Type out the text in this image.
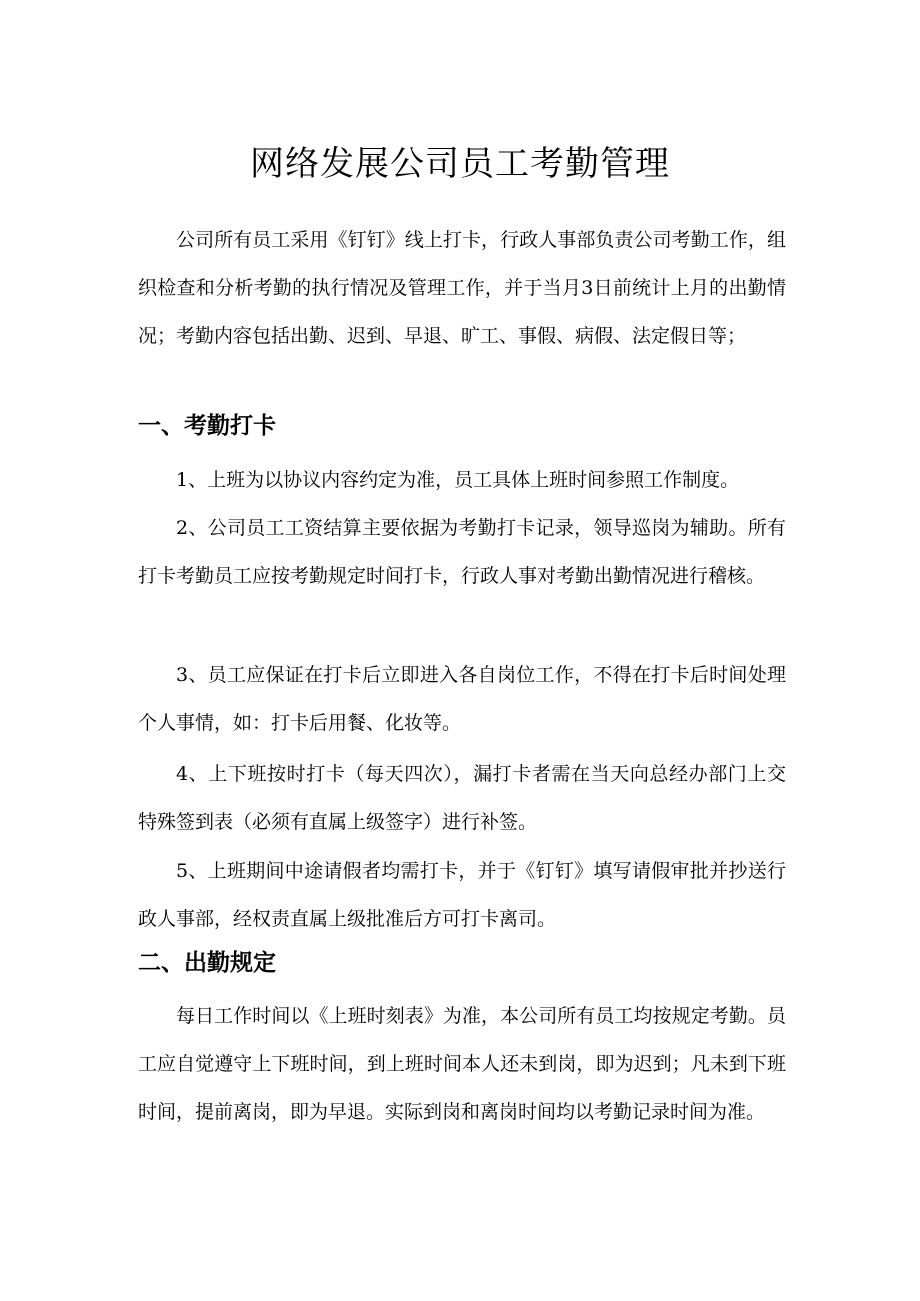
网络发展公司员工考勤管理

公司所有员工采用《钉钉》线上打卡，行政人事部负责公司考勤工作，组织检查和分析考勤的执行情况及管理工作，并于当月3日前统计上月的出勤情况；考勤内容包括出勤、迟到、早退、旷工、事假、病假、法定假日等；

一、考勤打卡

1、上班为以协议内容约定为准，员工具体上班时间参照工作制度。

2、公司员工工资结算主要依据为考勤打卡记录，领导巡岗为辅助。所有打卡考勤员工应按考勤规定时间打卡，行政人事对考勤出勤情况进行稽核。

3、员工应保证在打卡后立即进入各自岗位工作，不得在打卡后时间处理个人事情，如：打卡后用餐、化妆等。

4、上下班按时打卡（每天四次），漏打卡者需在当天向总经办部门上交特殊签到表（必须有直属上级签字）进行补签。

5、上班期间中途请假者均需打卡，并于《钉钉》填写请假审批并抄送行政人事部，经权责直属上级批准后方可打卡离司。

二、出勤规定

每日工作时间以《上班时刻表》为准，本公司所有员工均按规定考勤。员工应自觉遵守上下班时间，到上班时间本人还未到岗，即为迟到；凡未到下班时间，提前离岗，即为早退。实际到岗和离岗时间均以考勤记录时间为准。
